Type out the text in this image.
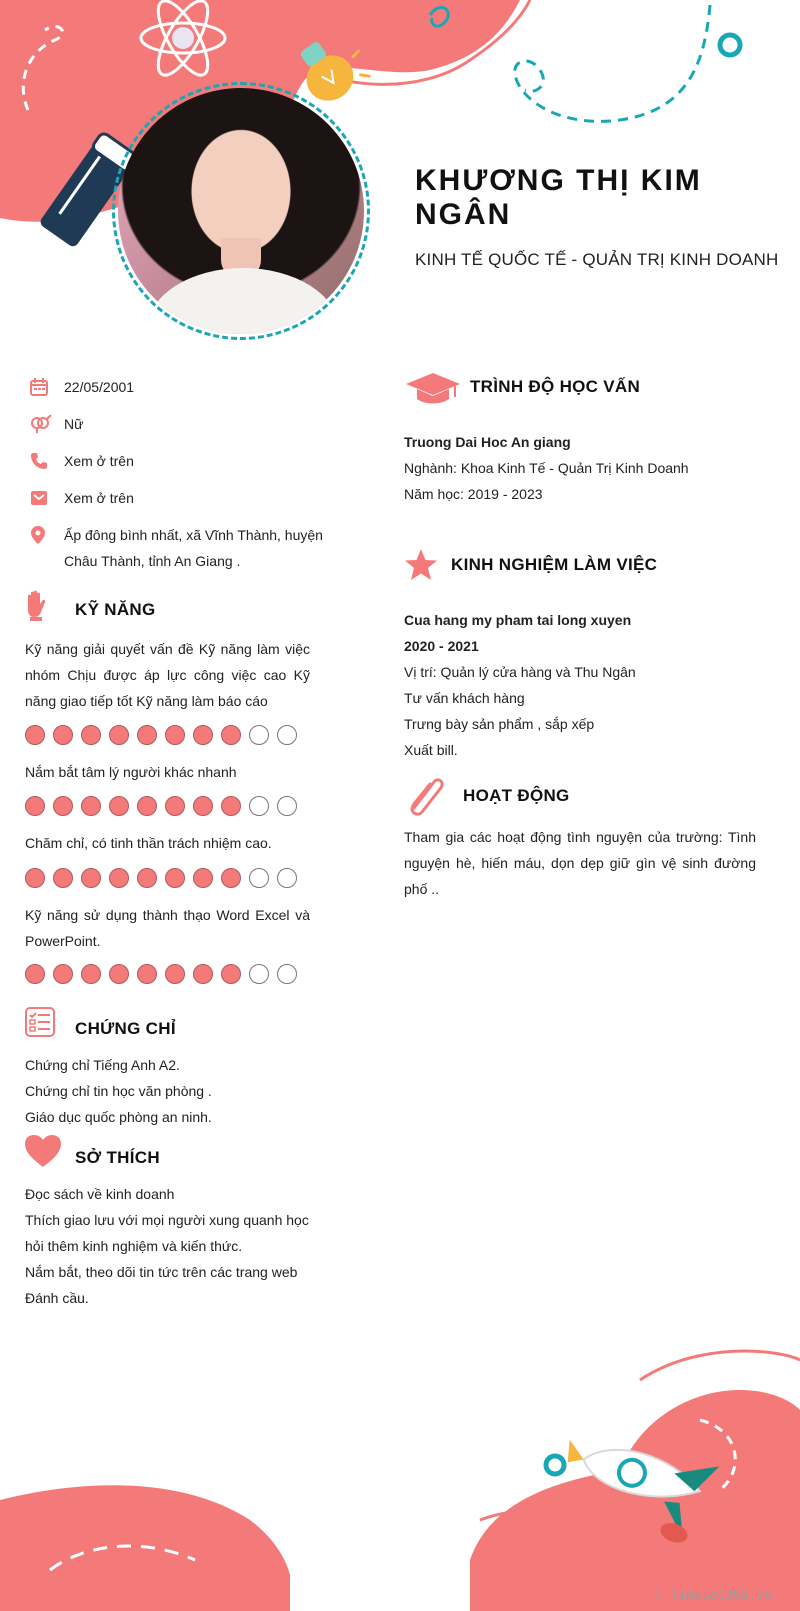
KHƯƠNG THỊ KIM
NGÂN
KINH TẾ QUỐC TẾ - QUẢN TRỊ KINH DOANH
22/05/2001
Nữ
Xem ở trên
Xem ở trên
Ấp đông bình nhất, xã Vĩnh Thành, huyện Châu Thành, tỉnh An Giang .
KỸ NĂNG
Kỹ năng giải quyết vấn đề Kỹ năng làm việc nhóm Chịu được áp lực công việc cao Kỹ năng giao tiếp tốt Kỹ năng làm báo cáo
Nắm bắt tâm lý người khác nhanh
Chăm chỉ, có tinh thần trách nhiệm cao.
Kỹ năng sử dụng thành thạo Word Excel và PowerPoint.
CHỨNG CHỈ
Chứng chỉ Tiếng Anh A2.
Chứng chỉ tin học văn phòng .
Giáo dục quốc phòng an ninh.
SỞ THÍCH
Đọc sách về kinh doanh
Thích giao lưu với mọi người xung quanh học hỏi thêm kinh nghiệm và kiến thức.
Nắm bắt, theo dõi tin tức trên các trang web
Đánh cầu.
TRÌNH ĐỘ HỌC VẤN
Truong Dai Hoc An giang
Nghành: Khoa Kinh Tế - Quản Trị Kinh Doanh
Năm học: 2019 - 2023
KINH NGHIỆM LÀM VIỆC
Cua hang my pham tai long xuyen
2020 - 2021
Vị trí: Quản lý cửa hàng và Thu Ngân
Tư vấn khách hàng
Trưng bày sản phẩm , sắp xếp
Xuất bill.
HOẠT ĐỘNG
Tham gia các hoạt động tình nguyện của trường: Tình nguyện hè, hiến máu, dọn dẹp giữ gìn vệ sinh đường phố ..
∴ Timviec365.vn
